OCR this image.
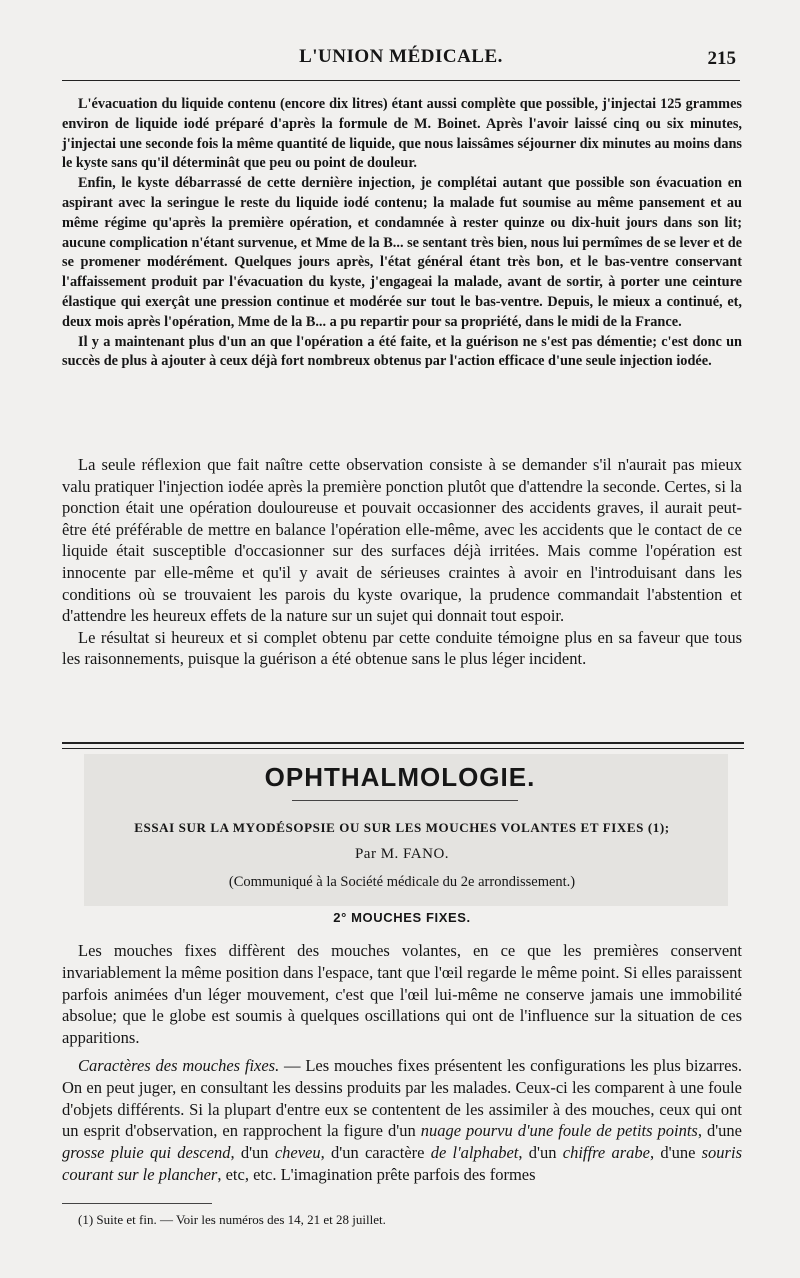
L'UNION MÉDICALE.	215

L'évacuation du liquide contenu (encore dix litres) étant aussi complète que possible, j'injectai 125 grammes environ de liquide iodé préparé d'après la formule de M. Boinet. Après l'avoir laissé cinq ou six minutes, j'injectai une seconde fois la même quantité de liquide, que nous laissâmes séjourner dix minutes au moins dans le kyste sans qu'il déterminât que peu ou point de douleur.

Enfin, le kyste débarrassé de cette dernière injection, je complétai autant que possible son évacuation en aspirant avec la seringue le reste du liquide iodé contenu; la malade fut soumise au même pansement et au même régime qu'après la première opération, et condamnée à rester quinze ou dix-huit jours dans son lit; aucune complication n'étant survenue, et Mme de la B... se sentant très bien, nous lui permîmes de se lever et de se promener modérément. Quelques jours après, l'état général étant très bon, et le bas-ventre conservant l'affaissement produit par l'évacuation du kyste, j'engageai la malade, avant de sortir, à porter une ceinture élastique qui exerçât une pression continue et modérée sur tout le bas-ventre. Depuis, le mieux a continué, et, deux mois après l'opération, Mme de la B... a pu repartir pour sa propriété, dans le midi de la France.

Il y a maintenant plus d'un an que l'opération a été faite, et la guérison ne s'est pas démentie; c'est donc un succès de plus à ajouter à ceux déjà fort nombreux obtenus par l'action efficace d'une seule injection iodée.

La seule réflexion que fait naître cette observation consiste à se demander s'il n'aurait pas mieux valu pratiquer l'injection iodée après la première ponction plutôt que d'attendre la seconde. Certes, si la ponction était une opération douloureuse et pouvait occasionner des accidents graves, il aurait peut-être été préférable de mettre en balance l'opération elle-même, avec les accidents que le contact de ce liquide était susceptible d'occasionner sur des surfaces déjà irritées. Mais comme l'opération est innocente par elle-même et qu'il y avait de sérieuses craintes à avoir en l'introduisant dans les conditions où se trouvaient les parois du kyste ovarique, la prudence commandait l'abstention et d'attendre les heureux effets de la nature sur un sujet qui donnait tout espoir.

Le résultat si heureux et si complet obtenu par cette conduite témoigne plus en sa faveur que tous les raisonnements, puisque la guérison a été obtenue sans le plus léger incident.

OPHTHALMOLOGIE.
ESSAI SUR LA MYODÉSOPSIE OU SUR LES MOUCHES VOLANTES ET FIXES (1);
Par M. FANO.
(Communiqué à la Société médicale du 2e arrondissement.)
2° MOUCHES FIXES.

Les mouches fixes diffèrent des mouches volantes, en ce que les premières conservent invariablement la même position dans l'espace, tant que l'œil regarde le même point. Si elles paraissent parfois animées d'un léger mouvement, c'est que l'œil lui-même ne conserve jamais une immobilité absolue; que le globe est soumis à quelques oscillations qui ont de l'influence sur la situation de ces apparitions.

Caractères des mouches fixes. — Les mouches fixes présentent les configurations les plus bizarres. On en peut juger, en consultant les dessins produits par les malades. Ceux-ci les comparent à une foule d'objets différents. Si la plupart d'entre eux se contentent de les assimiler à des mouches, ceux qui ont un esprit d'observation, en rapprochent la figure d'un nuage pourvu d'une foule de petits points, d'une grosse pluie qui descend, d'un cheveu, d'un caractère de l'alphabet, d'un chiffre arabe, d'une souris courant sur le plancher, etc, etc. L'imagination prête parfois des formes

(1) Suite et fin. — Voir les numéros des 14, 21 et 28 juillet.
